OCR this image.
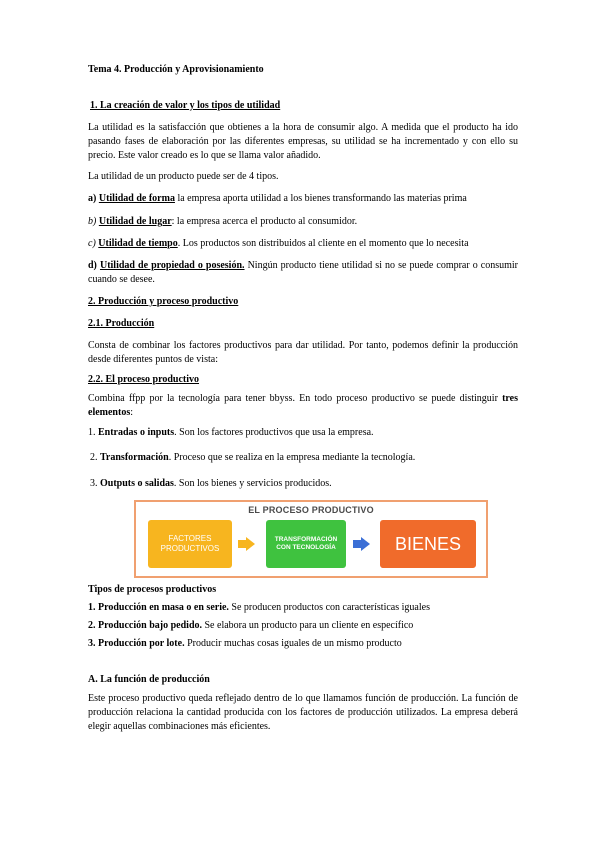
Tema 4. Producción y Aprovisionamiento

1. La creación de valor y los tipos de utilidad

La utilidad es la satisfacción que obtienes a la hora de consumir algo. A medida que el producto ha ido pasando fases de elaboración por las diferentes empresas, su utilidad se ha incrementado y con ello su precio. Este valor creado es lo que se llama valor añadido.

La utilidad de un producto puede ser de 4 tipos.

a) Utilidad de forma la empresa aporta utilidad a los bienes transformando las materias prima

b) Utilidad de lugar: la empresa acerca el producto al consumidor.

c) Utilidad de tiempo. Los productos son distribuidos al cliente en el momento que lo necesita

d) Utilidad de propiedad o posesión. Ningún producto tiene utilidad si no se puede comprar o consumir cuando se desee.

2. Producción y proceso productivo

2.1. Producción

Consta de combinar los factores productivos para dar utilidad. Por tanto, podemos definir la producción desde diferentes puntos de vista:

2.2. El proceso productivo

Combina ffpp por la tecnología para tener bbyss. En todo proceso productivo se puede distinguir tres elementos:

1. Entradas o inputs. Son los factores productivos que usa la empresa.

2. Transformación. Proceso que se realiza en la empresa mediante la tecnología.

3. Outputs o salidas. Son los bienes y servicios producidos.

Tipos de procesos productivos

1. Producción en masa o en serie. Se producen productos con características iguales

2. Producción bajo pedido. Se elabora un producto para un cliente en específico

3. Producción por lote. Producir muchas cosas iguales de un mismo producto

A. La función de producción

Este proceso productivo queda reflejado dentro de lo que llamamos función de producción. La función de producción relaciona la cantidad producida con los factores de producción utilizados. La empresa deberá elegir aquellas combinaciones más eficientes.

EL PROCESO PRODUCTIVO
FACTORES
PRODUCTIVOS
TRANSFORMACIÓN
CON TECNOLOGÍA	BIENES
